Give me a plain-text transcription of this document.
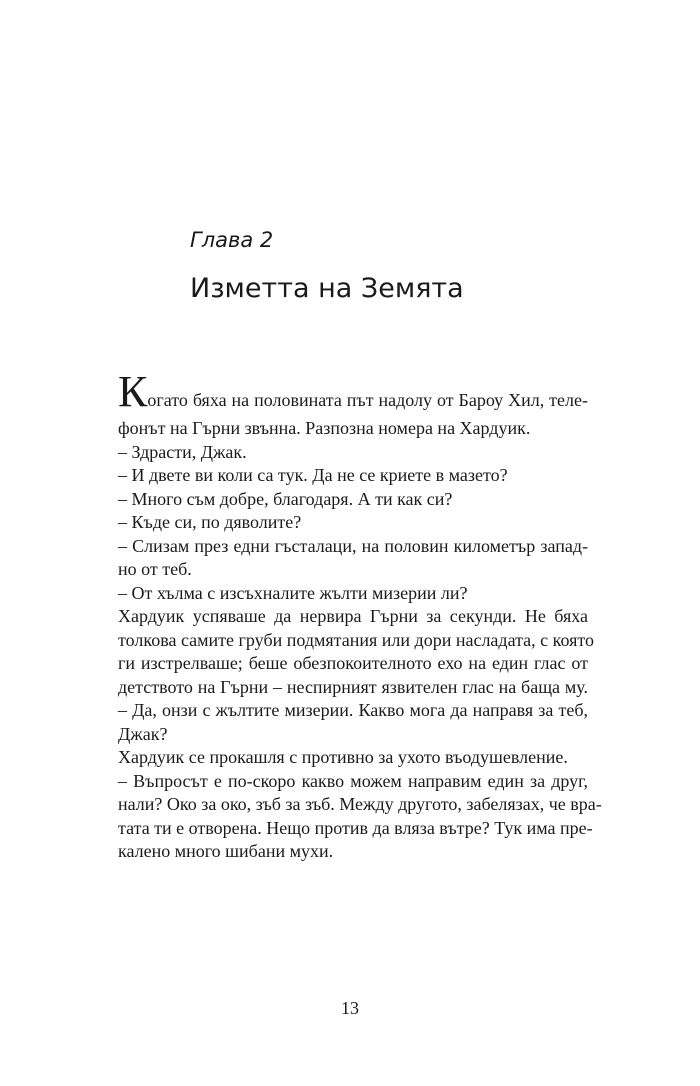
Глава 2
Изметта на Земята
Когато бяха на половината път надолу от Бароу Хил, теле-
фонът на Гърни звънна. Разпозна номера на Хардуик.
– Здрасти, Джак.
– И двете ви коли са тук. Да не се криете в мазето?
– Много съм добре, благодаря. А ти как си?
– Къде си, по дяволите?
– Слизам през едни гъсталаци, на половин километър запад-
но от теб.
– От хълма с изсъхналите жълти мизерии ли?
Хардуик успяваше да нервира Гърни за секунди. Не бяха
толкова самите груби подмятания или дори насладата, с която
ги изстрелваше; беше обезпокоителното ехо на един глас от
детството на Гърни – неспирният язвителен глас на баща му.
– Да, онзи с жълтите мизерии. Какво мога да направя за теб,
Джак?
Хардуик се прокашля с противно за ухото въодушевление.
– Въпросът е по-скоро какво можем направим един за друг,
нали? Око за око, зъб за зъб. Между другото, забелязах, че вра-
тата ти е отворена. Нещо против да вляза вътре? Тук има пре-
калено много шибани мухи.
13
